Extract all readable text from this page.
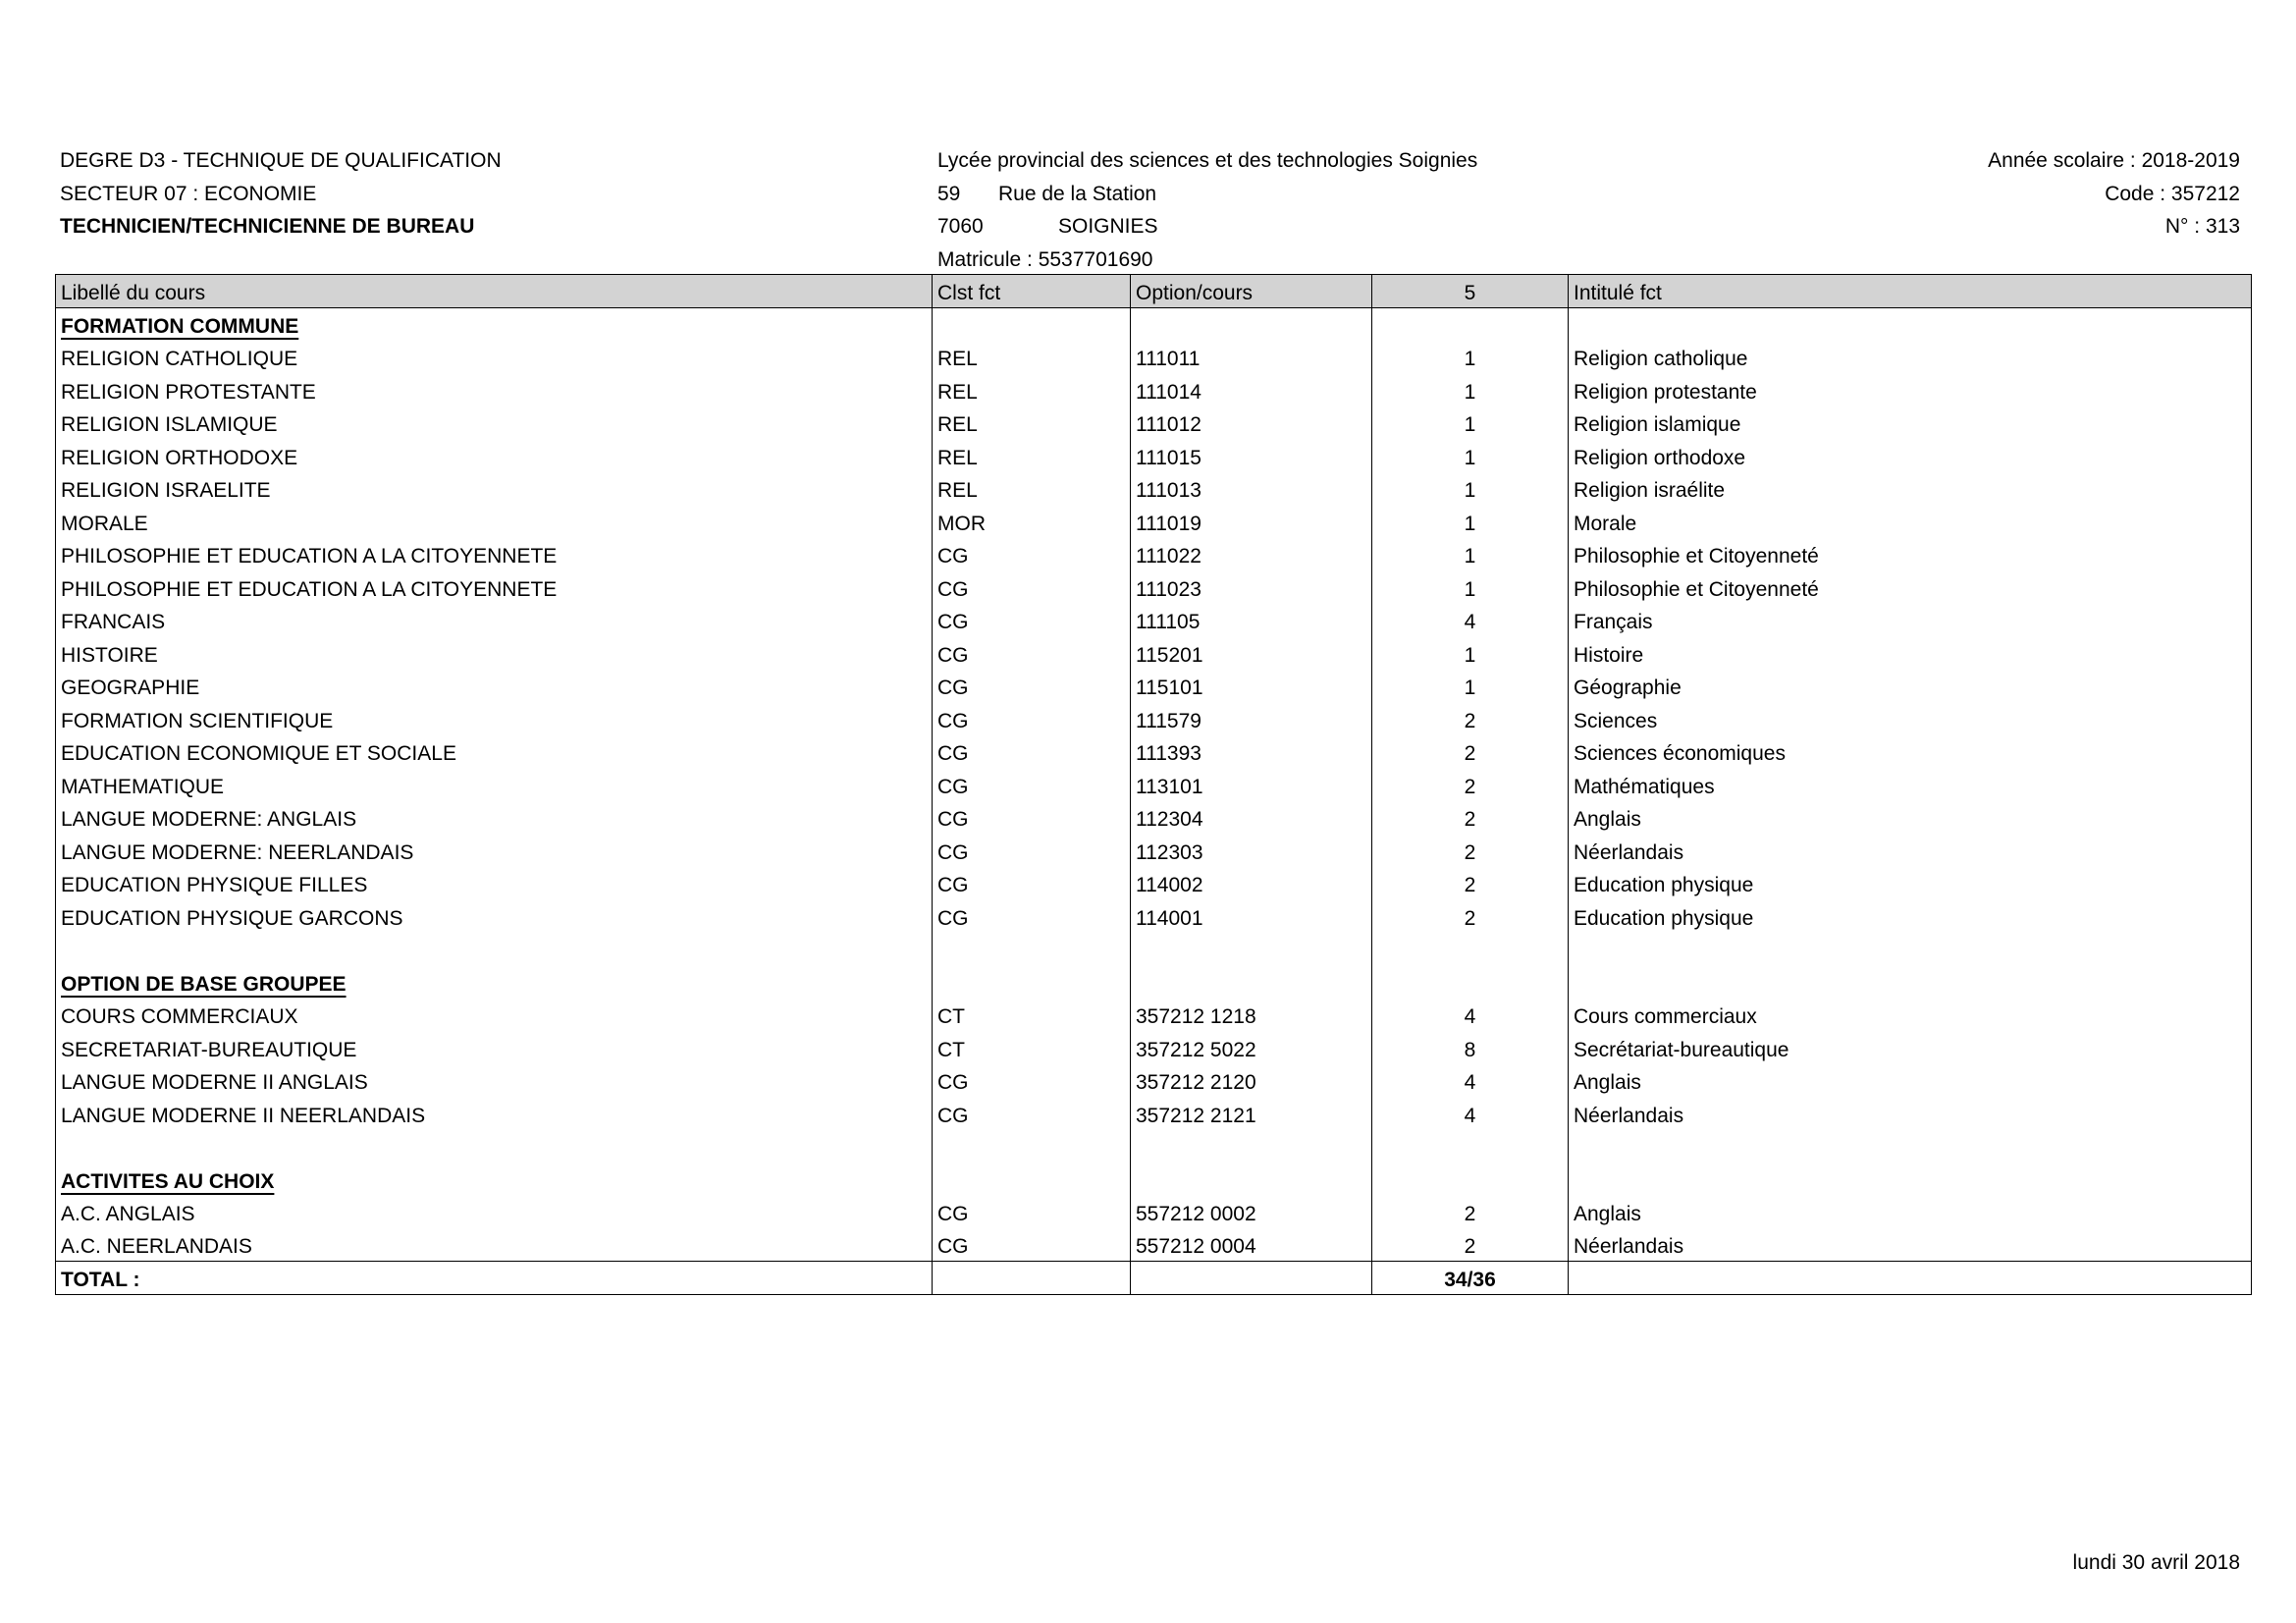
DEGRE D3 - TECHNIQUE DE QUALIFICATION
SECTEUR 07 : ECONOMIE
TECHNICIEN/TECHNICIENNE DE BUREAU
Lycée provincial des sciences et des technologies Soignies
59 Rue de la Station
7060	SOIGNIES
Matricule : 5537701690
Année scolaire : 2018-2019
Code : 357212
N° : 313
Libellé du cours	Clst fct	Option/cours	5	Intitulé fct
FORMATION COMMUNE				
RELIGION CATHOLIQUE	REL	111011	1	Religion catholique
RELIGION PROTESTANTE	REL	111014	1	Religion protestante
RELIGION ISLAMIQUE	REL	111012	1	Religion islamique
RELIGION ORTHODOXE	REL	111015	1	Religion orthodoxe
RELIGION ISRAELITE	REL	111013	1	Religion israélite
MORALE	MOR	111019	1	Morale
PHILOSOPHIE ET EDUCATION A LA CITOYENNETE	CG	111022	1	Philosophie et Citoyenneté
PHILOSOPHIE ET EDUCATION A LA CITOYENNETE	CG	111023	1	Philosophie et Citoyenneté
FRANCAIS	CG	111105	4	Français
HISTOIRE	CG	115201	1	Histoire
GEOGRAPHIE	CG	115101	1	Géographie
FORMATION SCIENTIFIQUE	CG	111579	2	Sciences
EDUCATION ECONOMIQUE ET SOCIALE	CG	111393	2	Sciences économiques
MATHEMATIQUE	CG	113101	2	Mathématiques
LANGUE MODERNE: ANGLAIS	CG	112304	2	Anglais
LANGUE MODERNE: NEERLANDAIS	CG	112303	2	Néerlandais
EDUCATION PHYSIQUE FILLES	CG	114002	2	Education physique
EDUCATION PHYSIQUE GARCONS	CG	114001	2	Education physique

OPTION DE BASE GROUPEE				
COURS COMMERCIAUX	CT	357212 1218	4	Cours commerciaux
SECRETARIAT-BUREAUTIQUE	CT	357212 5022	8	Secrétariat-bureautique
LANGUE MODERNE II ANGLAIS	CG	357212 2120	4	Anglais
LANGUE MODERNE II NEERLANDAIS	CG	357212 2121	4	Néerlandais

ACTIVITES AU CHOIX				
A.C. ANGLAIS	CG	557212 0002	2	Anglais
A.C. NEERLANDAIS	CG	557212 0004	2	Néerlandais
TOTAL :			34/36	
lundi 30 avril 2018
